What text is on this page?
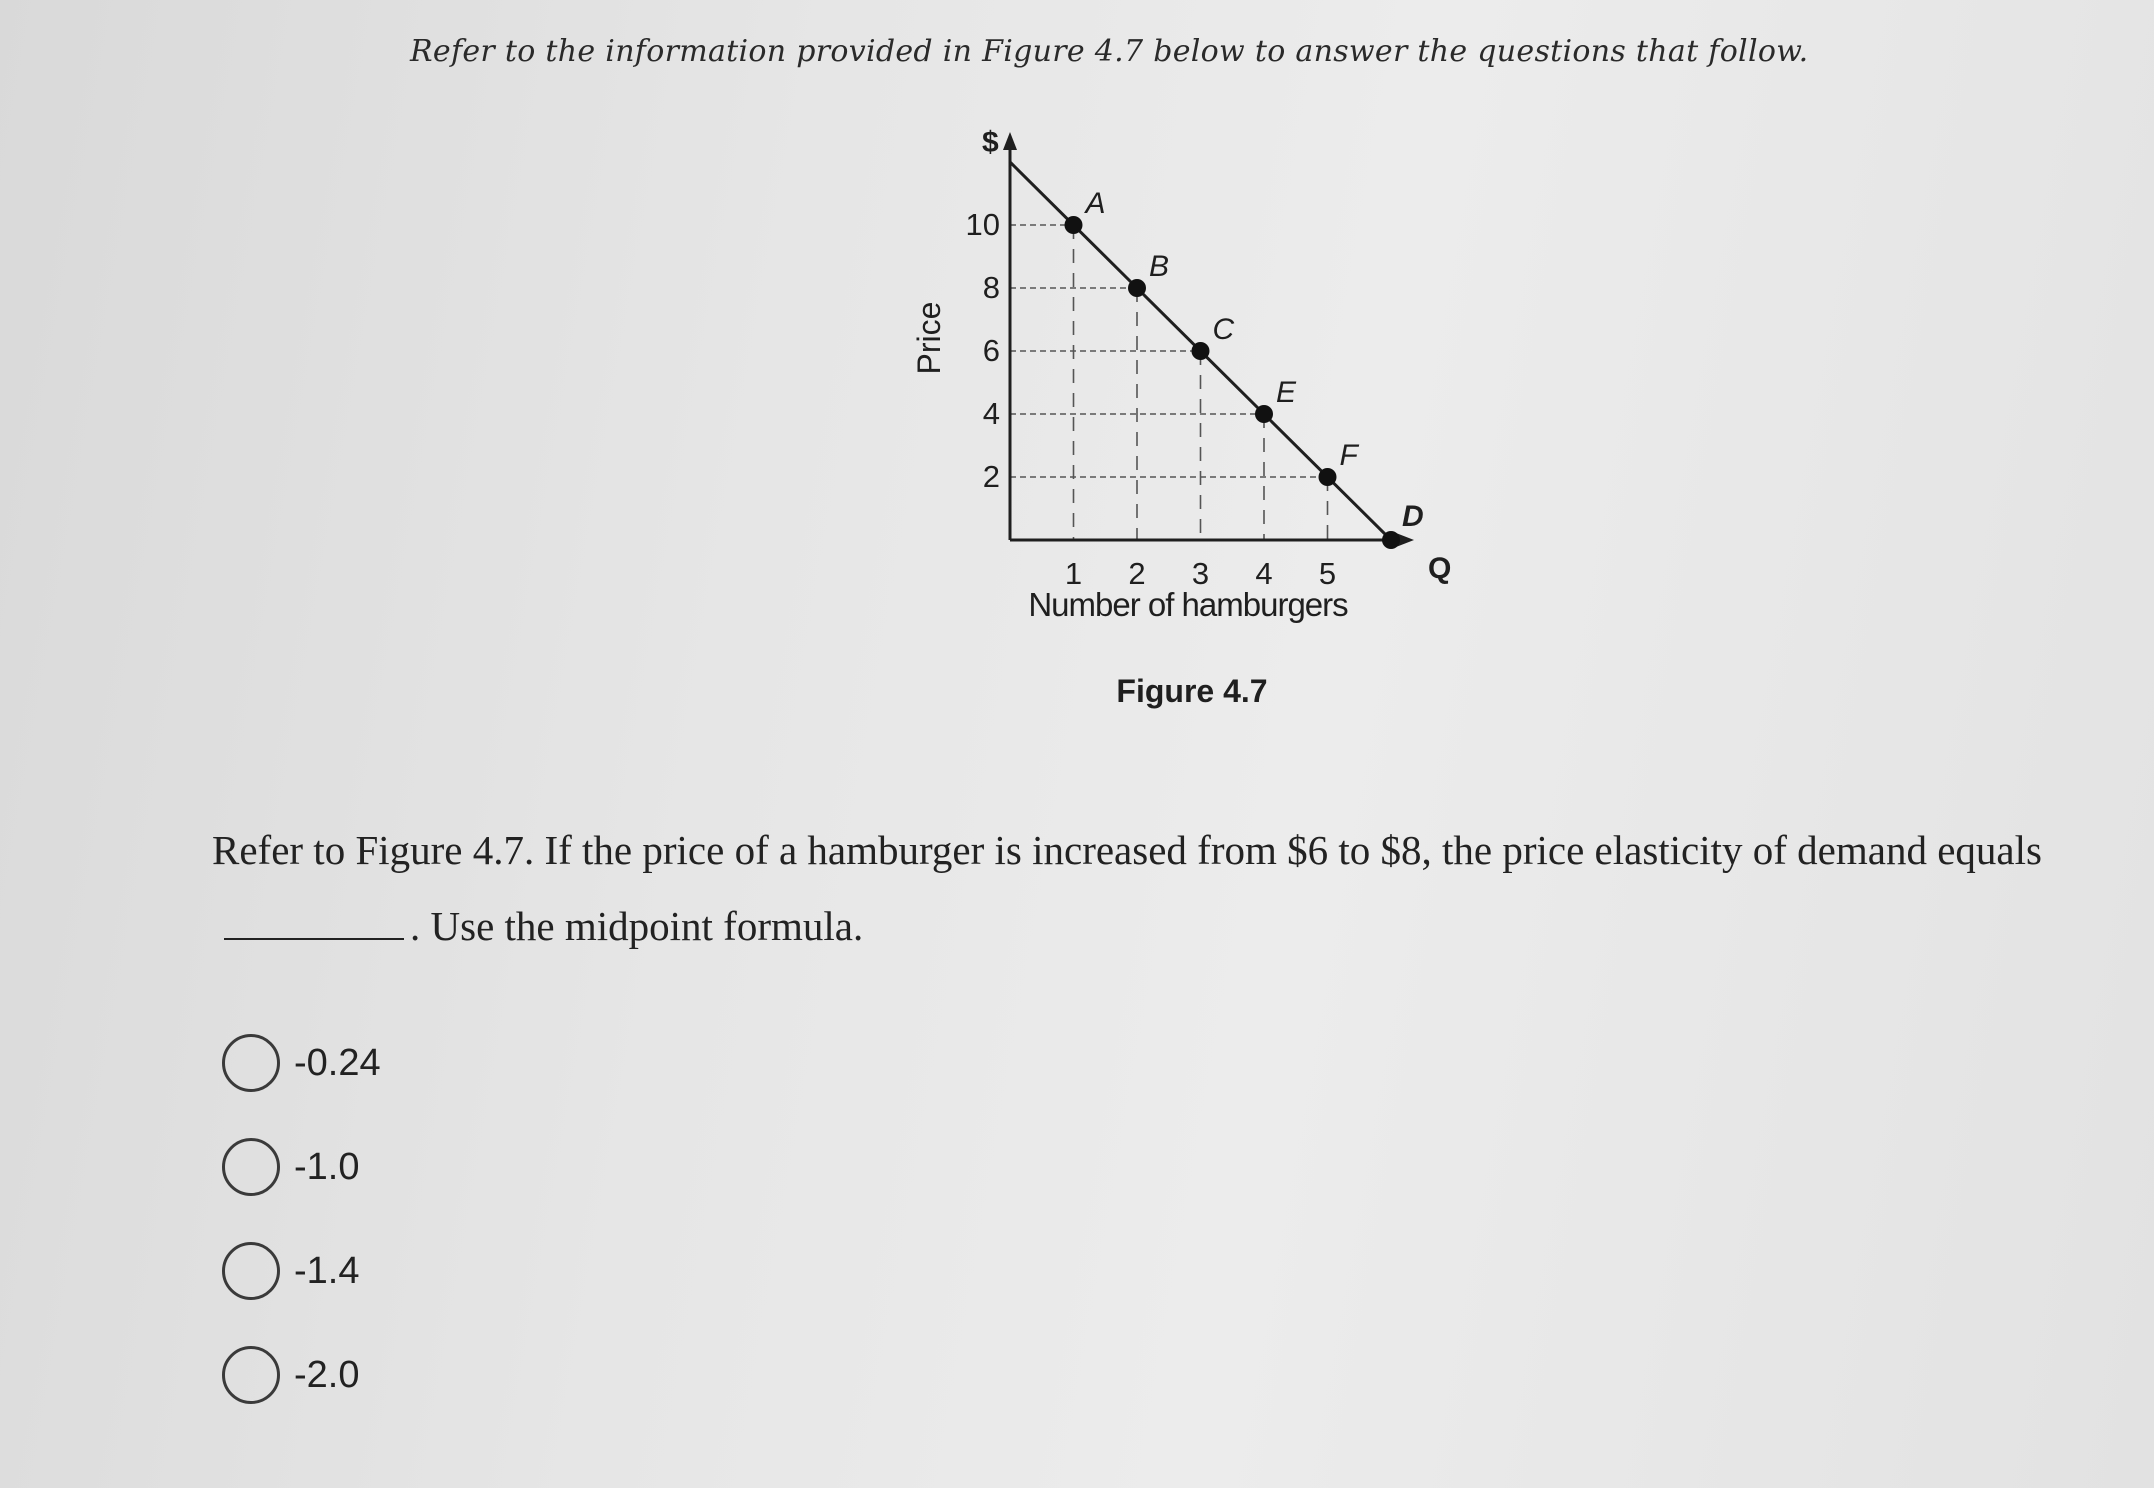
Refer to the information provided in Figure 4.7 below to answer the questions that follow.
2
4
6
8
10
1 2 3 4 5
A
B
C
E
F
$
Q
D
Price
Number of hamburgers
Figure 4.7
Refer to Figure 4.7. If the price of a hamburger is increased from $6 to $8, the price elasticity of demand equals . Use the midpoint formula.
-0.24
-1.0
-1.4
-2.0
